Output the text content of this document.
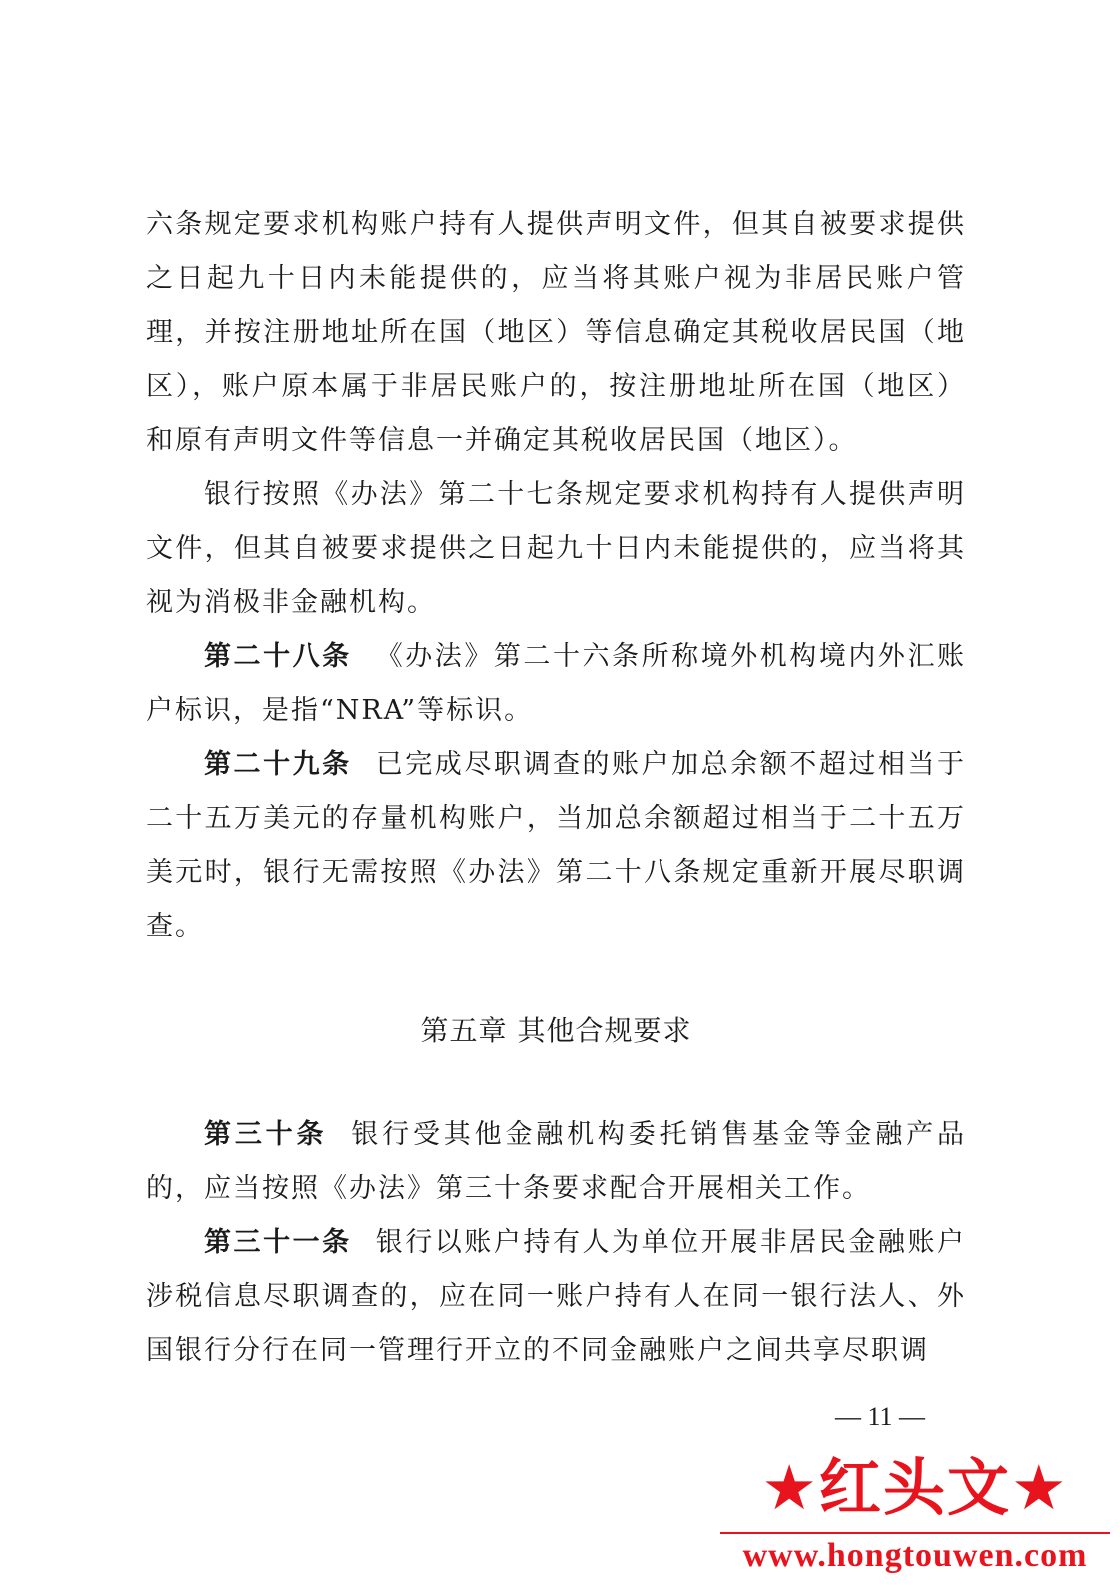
六条规定要求机构账户持有人提供声明文件，但其自被要求提供之日起九十日内未能提供的，应当将其账户视为非居民账户管理，并按注册地址所在国（地区）等信息确定其税收居民国（地区），账户原本属于非居民账户的，按注册地址所在国（地区）和原有声明文件等信息一并确定其税收居民国（地区）。

银行按照《办法》第二十七条规定要求机构持有人提供声明文件，但其自被要求提供之日起九十日内未能提供的，应当将其视为消极非金融机构。

第二十八条 《办法》第二十六条所称境外机构境内外汇账户标识，是指“NRA”等标识。

第二十九条 已完成尽职调查的账户加总余额不超过相当于二十五万美元的存量机构账户，当加总余额超过相当于二十五万美元时，银行无需按照《办法》第二十八条规定重新开展尽职调查。

第五章 其他合规要求

第三十条 银行受其他金融机构委托销售基金等金融产品的，应当按照《办法》第三十条要求配合开展相关工作。

第三十一条 银行以账户持有人为单位开展非居民金融账户涉税信息尽职调查的，应在同一账户持有人在同一银行法人、外国银行分行在同一管理行开立的不同金融账户之间共享尽职调

— 11 —
★红头文★
www.hongtouwen.com
